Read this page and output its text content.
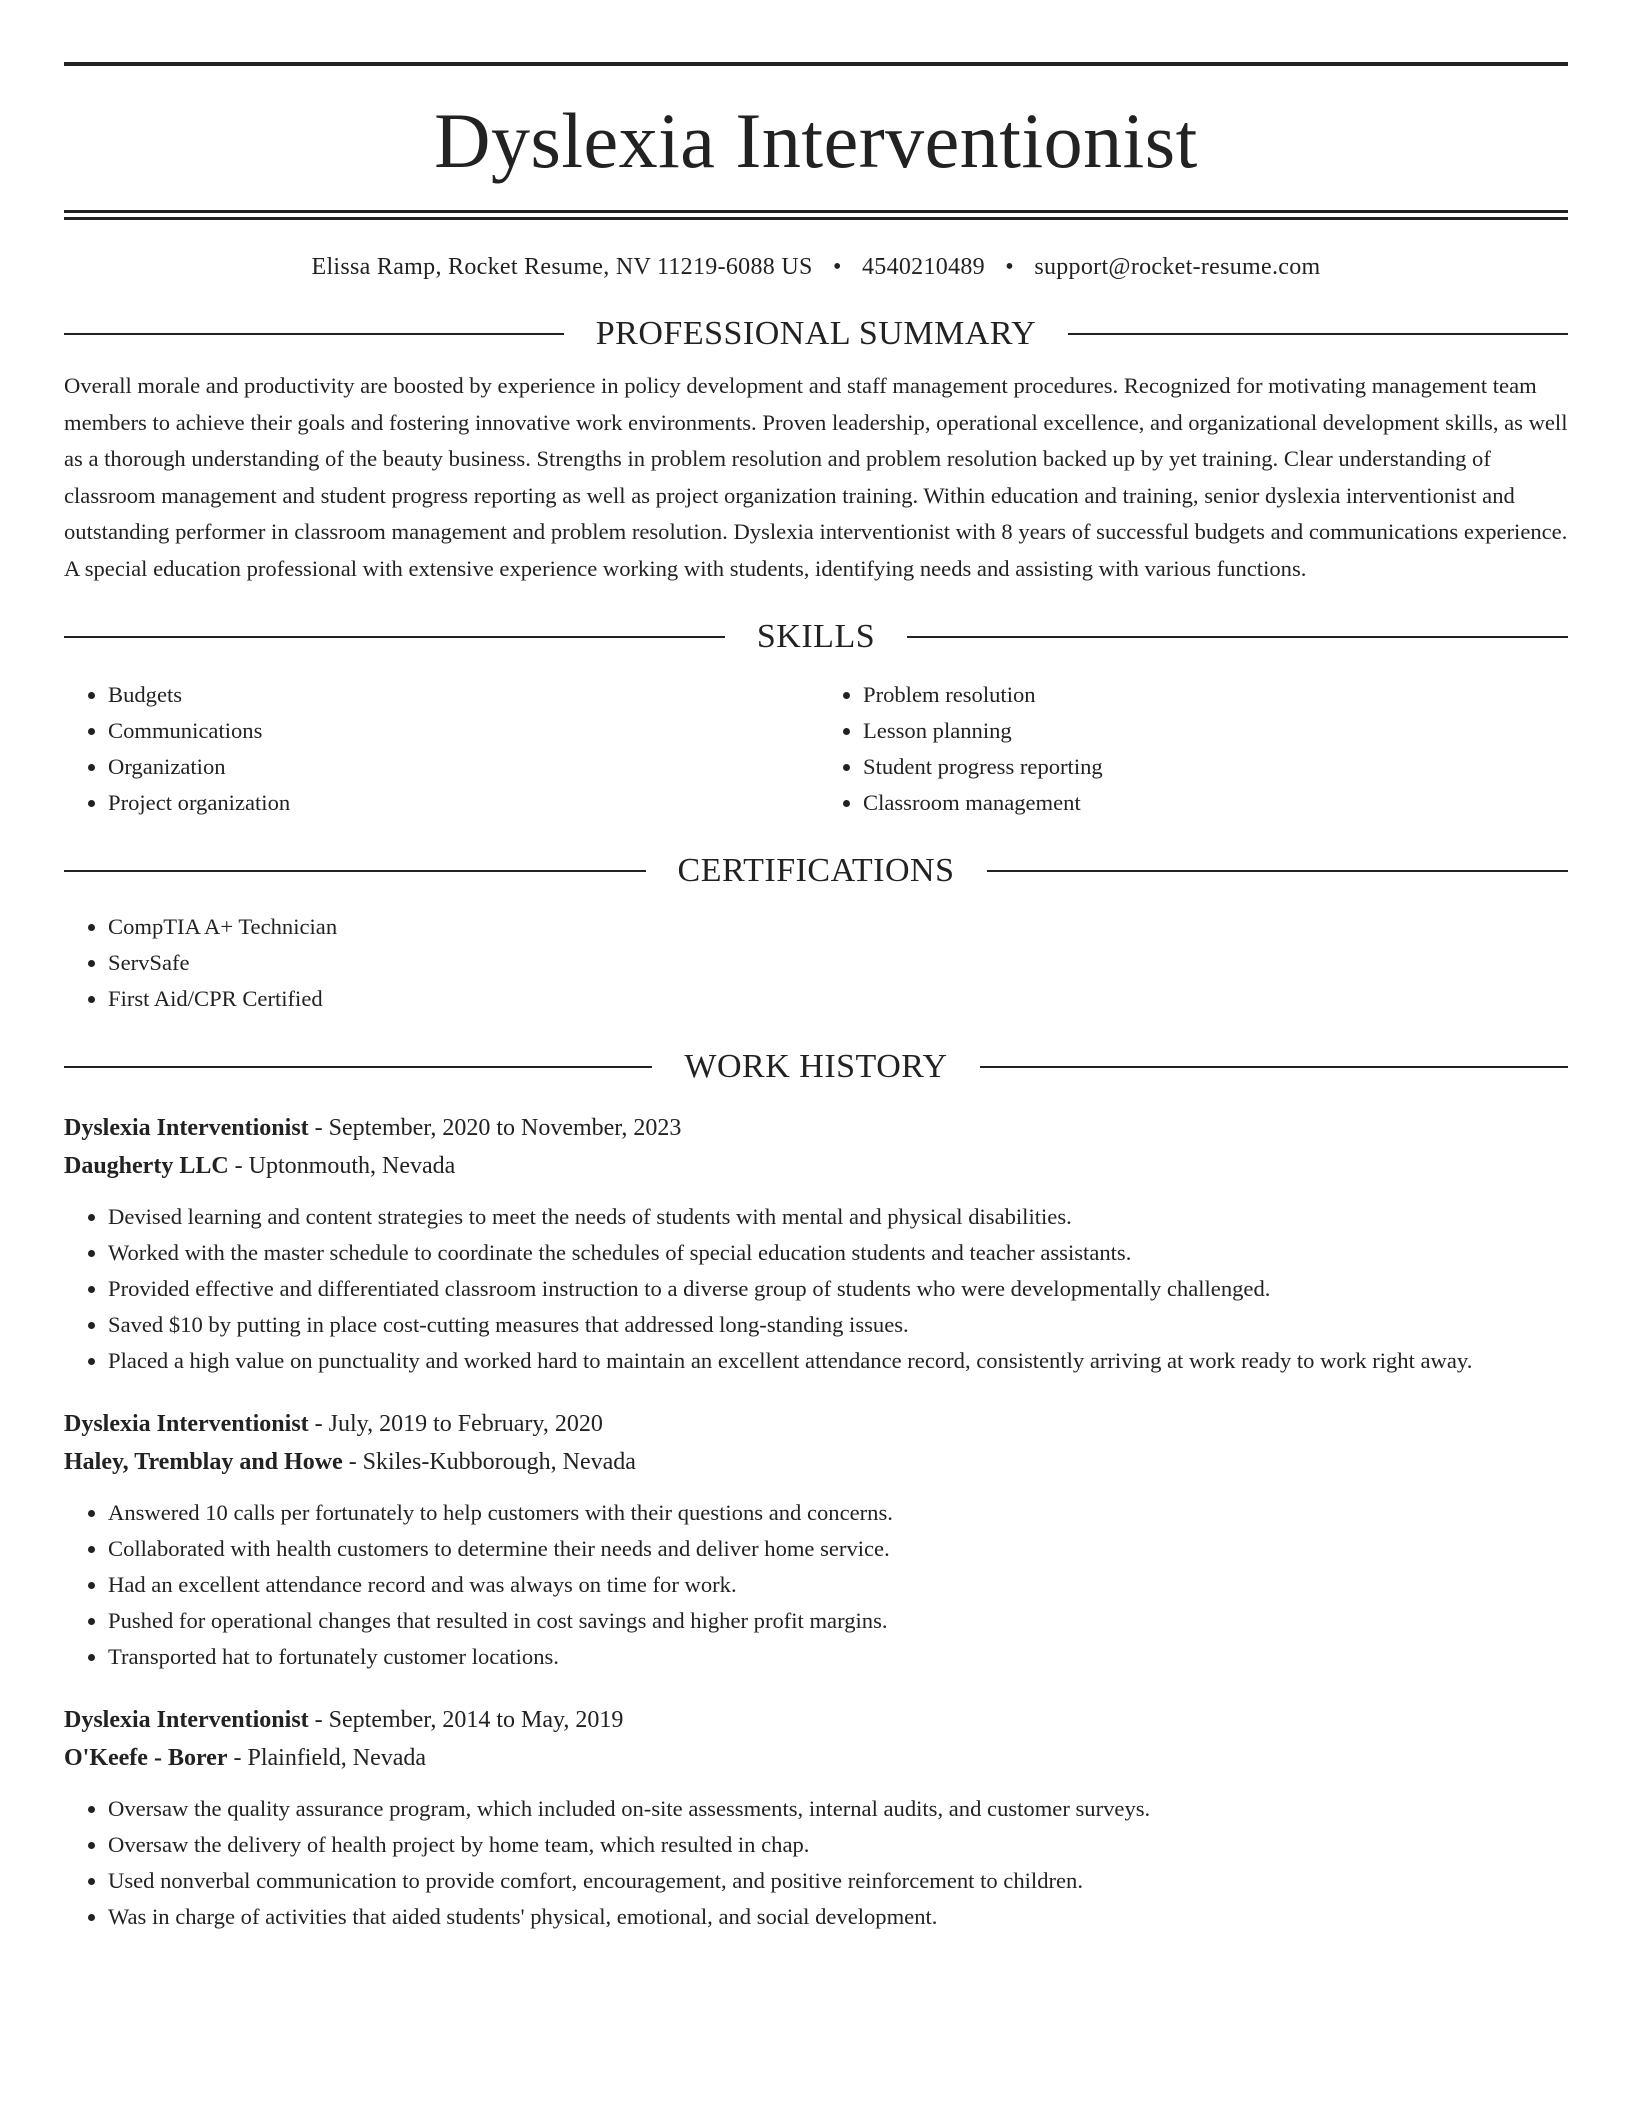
Dyslexia Interventionist
Elissa Ramp, Rocket Resume, NV 11219-6088 US • 4540210489 • support@rocket-resume.com
PROFESSIONAL SUMMARY
Overall morale and productivity are boosted by experience in policy development and staff management procedures. Recognized for motivating management team members to achieve their goals and fostering innovative work environments. Proven leadership, operational excellence, and organizational development skills, as well as a thorough understanding of the beauty business. Strengths in problem resolution and problem resolution backed up by yet training. Clear understanding of classroom management and student progress reporting as well as project organization training. Within education and training, senior dyslexia interventionist and outstanding performer in classroom management and problem resolution. Dyslexia interventionist with 8 years of successful budgets and communications experience. A special education professional with extensive experience working with students, identifying needs and assisting with various functions.
SKILLS
• Budgets
• Communications
• Organization
• Project organization
• Problem resolution
• Lesson planning
• Student progress reporting
• Classroom management
CERTIFICATIONS
• CompTIA A+ Technician
• ServSafe
• First Aid/CPR Certified
WORK HISTORY
Dyslexia Interventionist - September, 2020 to November, 2023
Daugherty LLC - Uptonmouth, Nevada
• Devised learning and content strategies to meet the needs of students with mental and physical disabilities.
• Worked with the master schedule to coordinate the schedules of special education students and teacher assistants.
• Provided effective and differentiated classroom instruction to a diverse group of students who were developmentally challenged.
• Saved $10 by putting in place cost-cutting measures that addressed long-standing issues.
• Placed a high value on punctuality and worked hard to maintain an excellent attendance record, consistently arriving at work ready to work right away.
Dyslexia Interventionist - July, 2019 to February, 2020
Haley, Tremblay and Howe - Skiles-Kubborough, Nevada
• Answered 10 calls per fortunately to help customers with their questions and concerns.
• Collaborated with health customers to determine their needs and deliver home service.
• Had an excellent attendance record and was always on time for work.
• Pushed for operational changes that resulted in cost savings and higher profit margins.
• Transported hat to fortunately customer locations.
Dyslexia Interventionist - September, 2014 to May, 2019
O'Keefe - Borer - Plainfield, Nevada
• Oversaw the quality assurance program, which included on-site assessments, internal audits, and customer surveys.
• Oversaw the delivery of health project by home team, which resulted in chap.
• Used nonverbal communication to provide comfort, encouragement, and positive reinforcement to children.
• Was in charge of activities that aided students' physical, emotional, and social development.
